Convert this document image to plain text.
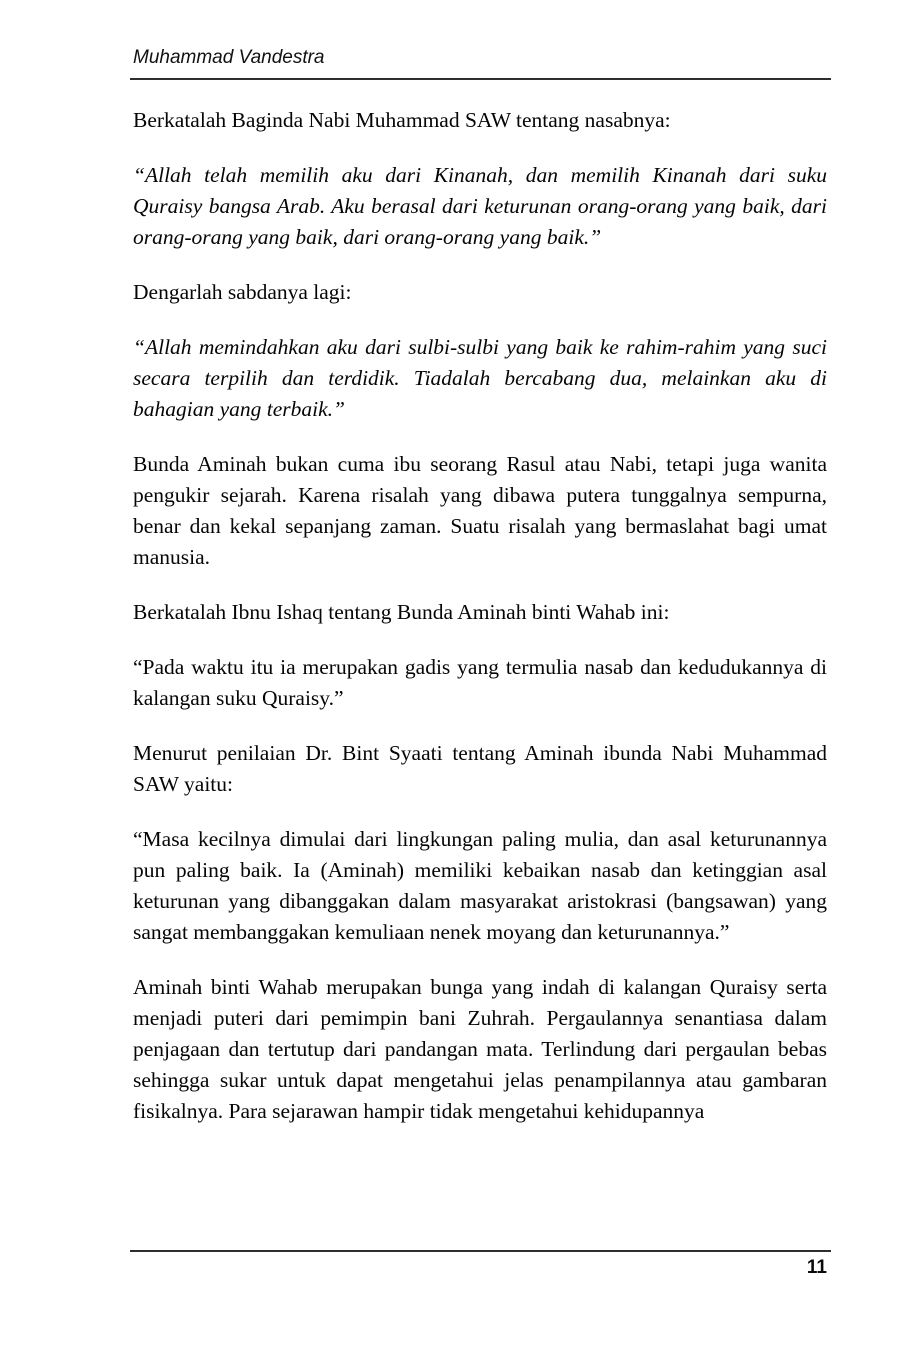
Muhammad Vandestra

Berkatalah Baginda Nabi Muhammad SAW tentang nasabnya:

“Allah telah memilih aku dari Kinanah, dan memilih Kinanah dari suku Quraisy bangsa Arab. Aku berasal dari keturunan orang-orang yang baik, dari orang-orang yang baik, dari orang-orang yang baik.”

Dengarlah sabdanya lagi:

“Allah memindahkan aku dari sulbi-sulbi yang baik ke rahim-rahim yang suci secara terpilih dan terdidik. Tiadalah bercabang dua, melainkan aku di bahagian yang terbaik.”

Bunda Aminah bukan cuma ibu seorang Rasul atau Nabi, tetapi juga wanita pengukir sejarah. Karena risalah yang dibawa putera tunggalnya sempurna, benar dan kekal sepanjang zaman. Suatu risalah yang bermaslahat bagi umat manusia.

Berkatalah Ibnu Ishaq tentang Bunda Aminah binti Wahab ini:

“Pada waktu itu ia merupakan gadis yang termulia nasab dan kedudukannya di kalangan suku Quraisy.”

Menurut penilaian Dr. Bint Syaati tentang Aminah ibunda Nabi Muhammad SAW yaitu:

“Masa kecilnya dimulai dari lingkungan paling mulia, dan asal keturunannya pun paling baik. Ia (Aminah) memiliki kebaikan nasab dan ketinggian asal keturunan yang dibanggakan dalam masyarakat aristokrasi (bangsawan) yang sangat membanggakan kemuliaan nenek moyang dan keturunannya.”

Aminah binti Wahab merupakan bunga yang indah di kalangan Quraisy serta menjadi puteri dari pemimpin bani Zuhrah. Pergaulannya senantiasa dalam penjagaan dan tertutup dari pandangan mata. Terlindung dari pergaulan bebas sehingga sukar untuk dapat mengetahui jelas penampilannya atau gambaran fisikalnya. Para sejarawan hampir tidak mengetahui kehidupannya

11
